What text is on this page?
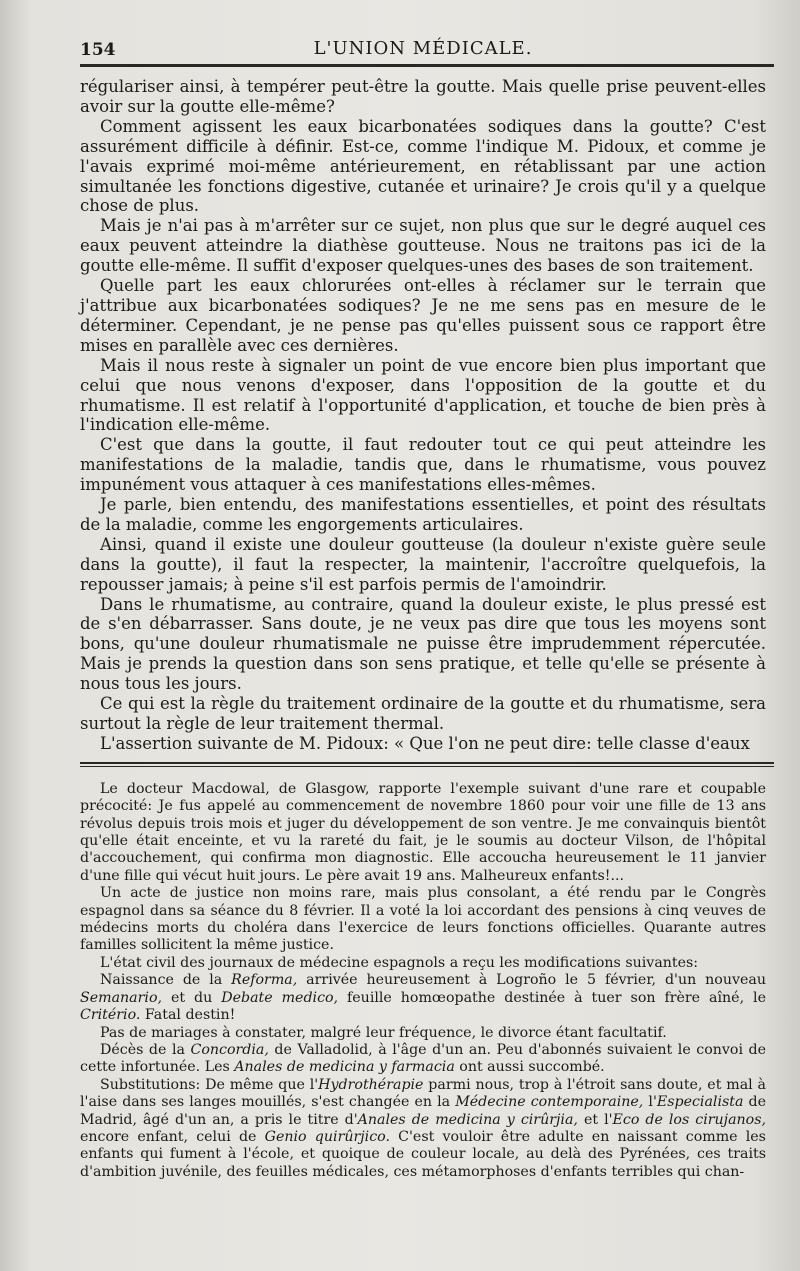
154	L'UNION MÉDICALE.

régulariser ainsi, à tempérer peut-être la goutte. Mais quelle prise peuvent-elles avoir sur la goutte elle-même?

Comment agissent les eaux bicarbonatées sodiques dans la goutte? C'est assurément difficile à définir. Est-ce, comme l'indique M. Pidoux, et comme je l'avais exprimé moi-même antérieurement, en rétablissant par une action simultanée les fonctions digestive, cutanée et urinaire? Je crois qu'il y a quelque chose de plus.

Mais je n'ai pas à m'arrêter sur ce sujet, non plus que sur le degré auquel ces eaux peuvent atteindre la diathèse goutteuse. Nous ne traitons pas ici de la goutte elle-même. Il suffit d'exposer quelques-unes des bases de son traitement.

Quelle part les eaux chlorurées ont-elles à réclamer sur le terrain que j'attribue aux bicarbonatées sodiques? Je ne me sens pas en mesure de le déterminer. Cependant, je ne pense pas qu'elles puissent sous ce rapport être mises en parallèle avec ces dernières.

Mais il nous reste à signaler un point de vue encore bien plus important que celui que nous venons d'exposer, dans l'opposition de la goutte et du rhumatisme. Il est relatif à l'opportunité d'application, et touche de bien près à l'indication elle-même.

C'est que dans la goutte, il faut redouter tout ce qui peut atteindre les manifestations de la maladie, tandis que, dans le rhumatisme, vous pouvez impunément vous attaquer à ces manifestations elles-mêmes.

Je parle, bien entendu, des manifestations essentielles, et point des résultats de la maladie, comme les engorgements articulaires.

Ainsi, quand il existe une douleur goutteuse (la douleur n'existe guère seule dans la goutte), il faut la respecter, la maintenir, l'accroître quelquefois, la repousser jamais; à peine s'il est parfois permis de l'amoindrir.

Dans le rhumatisme, au contraire, quand la douleur existe, le plus pressé est de s'en débarrasser. Sans doute, je ne veux pas dire que tous les moyens sont bons, qu'une douleur rhumatismale ne puisse être imprudemment répercutée. Mais je prends la question dans son sens pratique, et telle qu'elle se présente à nous tous les jours.

Ce qui est la règle du traitement ordinaire de la goutte et du rhumatisme, sera surtout la règle de leur traitement thermal.

L'assertion suivante de M. Pidoux: « Que l'on ne peut dire: telle classe d'eaux

Le docteur Macdowal, de Glasgow, rapporte l'exemple suivant d'une rare et coupable précocité: Je fus appelé au commencement de novembre 1860 pour voir une fille de 13 ans révolus depuis trois mois et juger du développement de son ventre. Je me convainquis bientôt qu'elle était enceinte, et vu la rareté du fait, je le soumis au docteur Vilson, de l'hôpital d'accouchement, qui confirma mon diagnostic. Elle accoucha heureusement le 11 janvier d'une fille qui vécut huit jours. Le père avait 19 ans. Malheureux enfants!...

Un acte de justice non moins rare, mais plus consolant, a été rendu par le Congrès espagnol dans sa séance du 8 février. Il a voté la loi accordant des pensions à cinq veuves de médecins morts du choléra dans l'exercice de leurs fonctions officielles. Quarante autres familles sollicitent la même justice.

L'état civil des journaux de médecine espagnols a reçu les modifications suivantes:

Naissance de la Reforma, arrivée heureusement à Logroño le 5 février, d'un nouveau Semanario, et du Debate medico, feuille homœopathe destinée à tuer son frère aîné, le Critério. Fatal destin!

Pas de mariages à constater, malgré leur fréquence, le divorce étant facultatif.

Décès de la Concordia, de Valladolid, à l'âge d'un an. Peu d'abonnés suivaient le convoi de cette infortunée. Les Anales de medicina y farmacia ont aussi succombé.

Substitutions: De même que l'Hydrothérapie parmi nous, trop à l'étroit sans doute, et mal à l'aise dans ses langes mouillés, s'est changée en la Médecine contemporaine, l'Especialista de Madrid, âgé d'un an, a pris le titre d'Anales de medicina y cirûrjia, et l'Eco de los cirujanos, encore enfant, celui de Genio quirûrjico. C'est vouloir être adulte en naissant comme les enfants qui fument à l'école, et quoique de couleur locale, au delà des Pyrénées, ces traits d'ambition juvénile, des feuilles médicales, ces métamorphoses d'enfants terribles qui chan-
